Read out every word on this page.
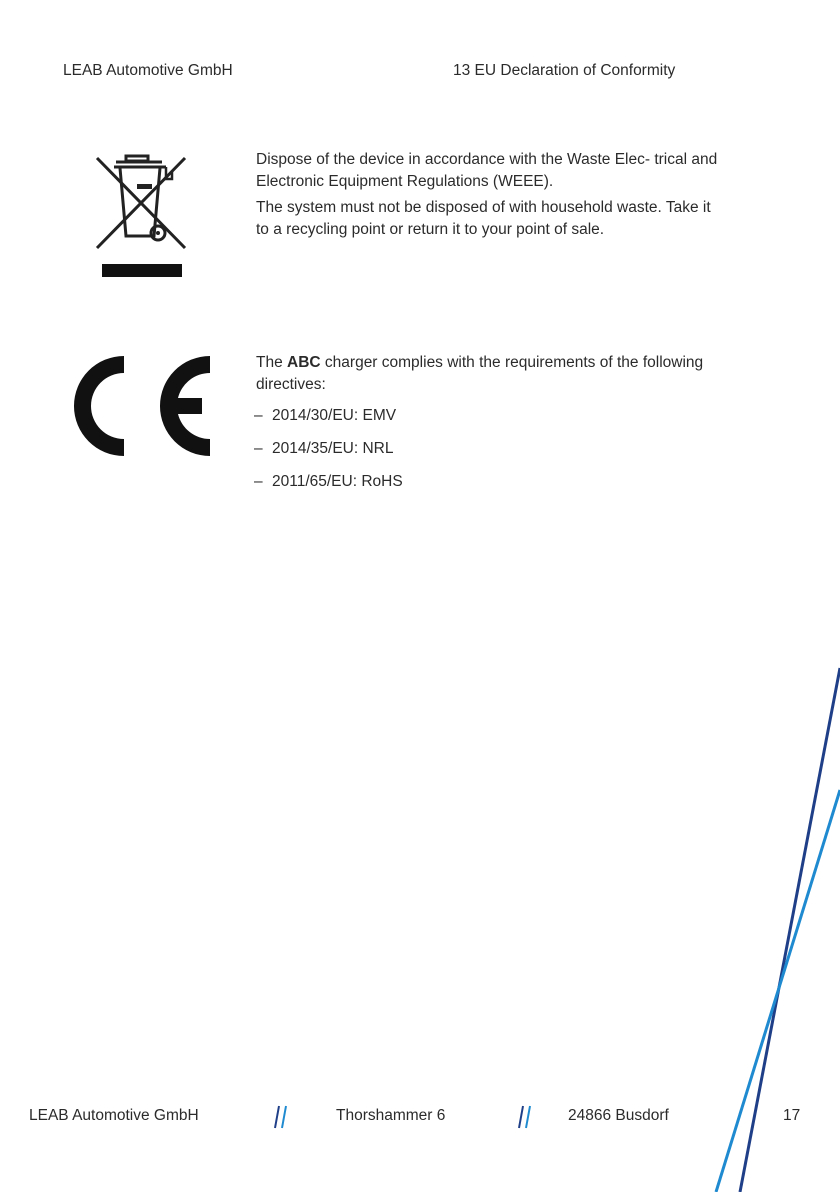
LEAB Automotive GmbH	13 EU Declaration of Conformity

Dispose of the device in accordance with the Waste Elec- trical and Electronic Equipment Regulations (WEEE).

The system must not be disposed of with household waste. Take it to a recycling point or return it to your point of sale.

The ABC charger complies with the requirements of the following directives:

– 2014/30/EU: EMV
– 2014/35/EU: NRL
– 2011/65/EU: RoHS
LEAB Automotive GmbH	Thorshammer 6	24866 Busdorf	17
